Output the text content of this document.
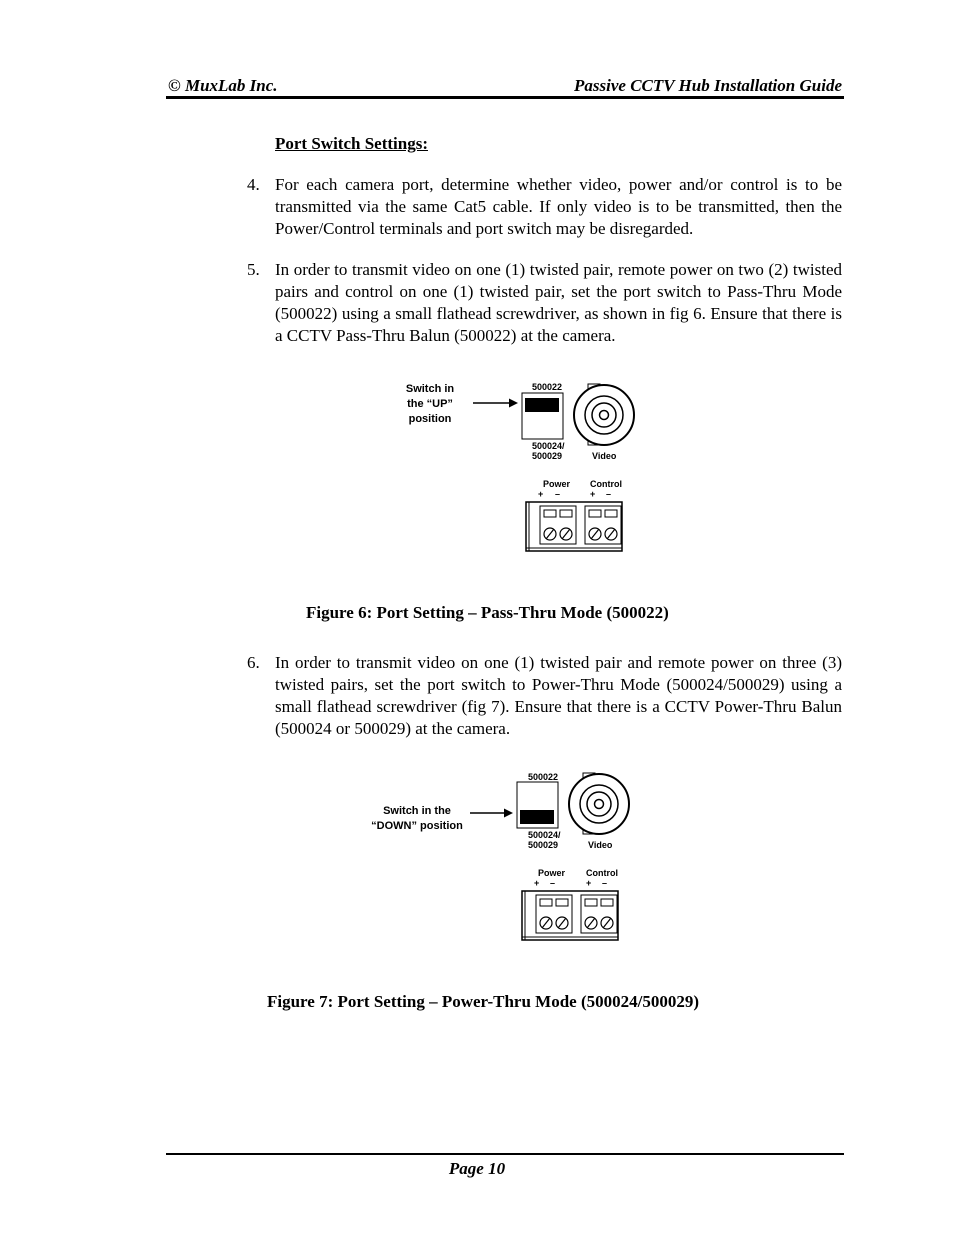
© MuxLab Inc.	Passive CCTV Hub Installation Guide
Port Switch Settings:
4. For each camera port, determine whether video, power and/or control is to be transmitted via the same Cat5 cable. If only video is to be transmitted, then the Power/Control terminals and port switch may be disregarded.
5. In order to transmit video on one (1) twisted pair, remote power on two (2) twisted pairs and control on one (1) twisted pair, set the port switch to Pass-Thru Mode (500022) using a small flathead screwdriver, as shown in fig 6. Ensure that there is a CCTV Pass-Thru Balun (500022) at the camera.
Switch in
the “UP”
position
500022
500024/
500029	Video
Power Control
+ –	+ –
Figure 6: Port Setting – Pass-Thru Mode (500022)
6. In order to transmit video on one (1) twisted pair and remote power on three (3) twisted pairs, set the port switch to Power-Thru Mode (500024/500029) using a small flathead screwdriver (fig 7). Ensure that there is a CCTV Power-Thru Balun (500024 or 500029) at the camera.
Switch in the
“DOWN” position
500022
500024/
500029	Video
Power Control
+ –	+ –
Figure 7: Port Setting – Power-Thru Mode (500024/500029)
Page 10
